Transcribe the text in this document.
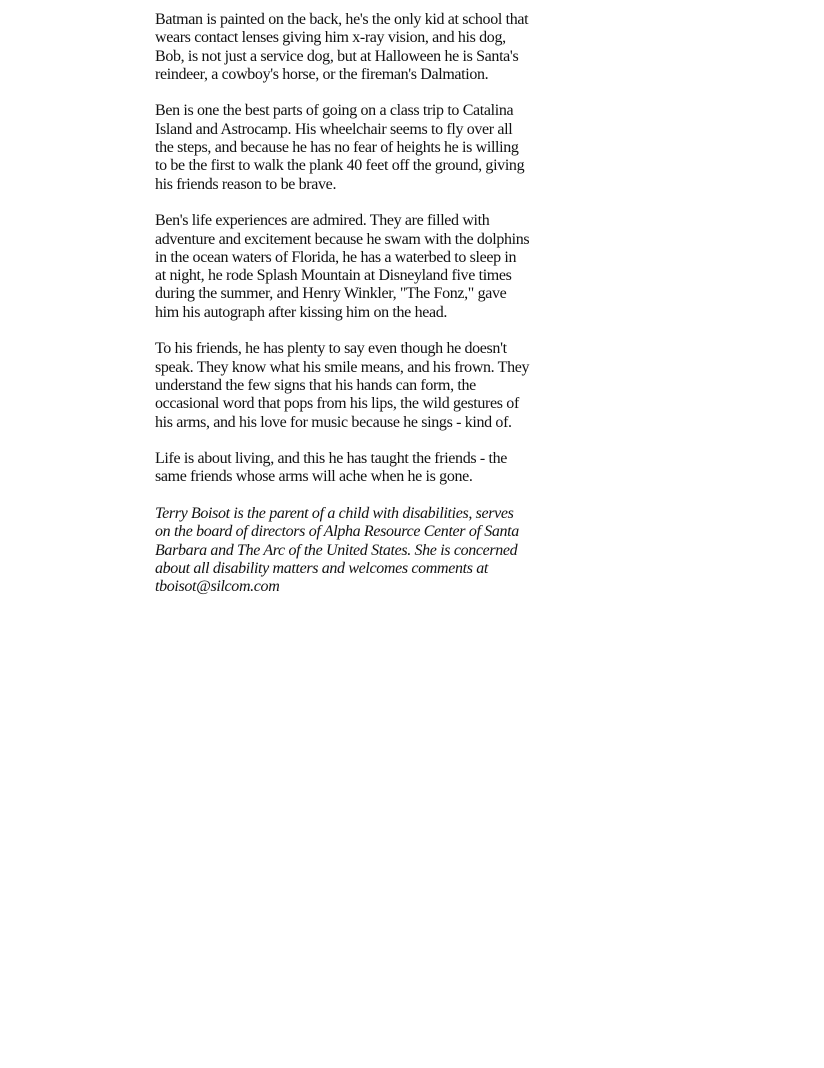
Batman is painted on the back, he's the only kid at school that wears contact lenses giving him x-ray vision, and his dog, Bob, is not just a service dog, but at Halloween he is Santa's reindeer, a cowboy's horse, or the fireman's Dalmation.

Ben is one the best parts of going on a class trip to Catalina Island and Astrocamp. His wheelchair seems to fly over all the steps, and because he has no fear of heights he is willing to be the first to walk the plank 40 feet off the ground, giving his friends reason to be brave.

Ben's life experiences are admired. They are filled with adventure and excitement because he swam with the dolphins in the ocean waters of Florida, he has a waterbed to sleep in at night, he rode Splash Mountain at Disneyland five times during the summer, and Henry Winkler, "The Fonz," gave him his autograph after kissing him on the head.

To his friends, he has plenty to say even though he doesn't speak. They know what his smile means, and his frown. They understand the few signs that his hands can form, the occasional word that pops from his lips, the wild gestures of his arms, and his love for music because he sings - kind of.

Life is about living, and this he has taught the friends - the same friends whose arms will ache when he is gone.

Terry Boisot is the parent of a child with disabilities, serves on the board of directors of Alpha Resource Center of Santa Barbara and The Arc of the United States. She is concerned about all disability matters and welcomes comments at tboisot@silcom.com
